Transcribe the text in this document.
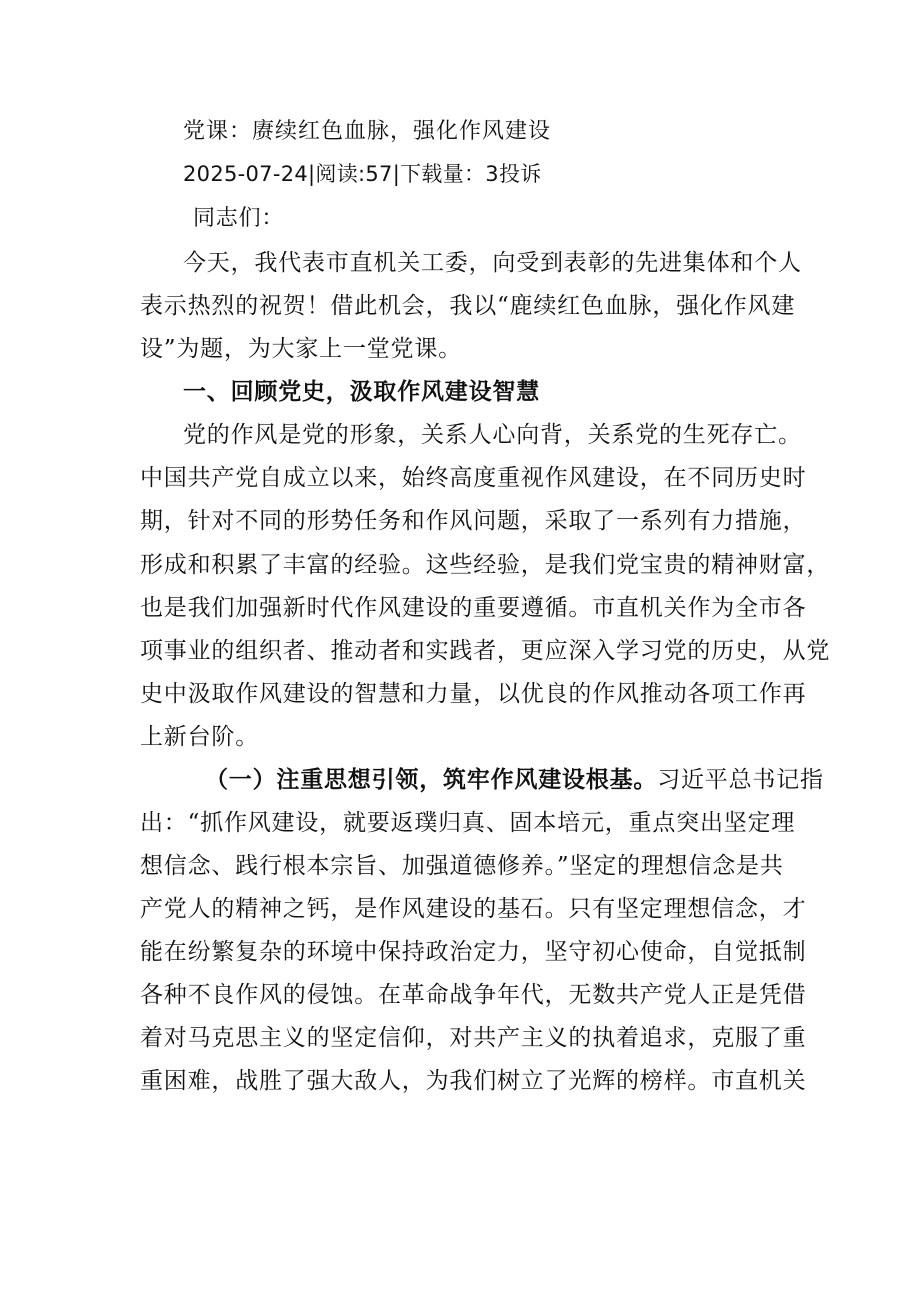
党课：赓续红色血脉，强化作风建设
2025-07-24|阅读:57|下载量：3投诉
同志们：
今天，我代表市直机关工委，向受到表彰的先进集体和个人
表示热烈的祝贺！借此机会，我以“鹿续红色血脉，强化作风建
设”为题，为大家上一堂党课。
一、回顾党史，汲取作风建设智慧
党的作风是党的形象，关系人心向背，关系党的生死存亡。
中国共产党自成立以来，始终高度重视作风建设，在不同历史时
期，针对不同的形势任务和作风问题，采取了一系列有力措施，
形成和积累了丰富的经验。这些经验，是我们党宝贵的精神财富，
也是我们加强新时代作风建设的重要遵循。市直机关作为全市各
项事业的组织者、推动者和实践者，更应深入学习党的历史，从党
史中汲取作风建设的智慧和力量，以优良的作风推动各项工作再
上新台阶。
（一）注重思想引领，筑牢作风建设根基。习近平总书记指
出：“抓作风建设，就要返璞归真、固本培元，重点突出坚定理
想信念、践行根本宗旨、加强道德修养。”坚定的理想信念是共
产党人的精神之钙，是作风建设的基石。只有坚定理想信念，才
能在纷繁复杂的环境中保持政治定力，坚守初心使命，自觉抵制
各种不良作风的侵蚀。在革命战争年代，无数共产党人正是凭借
着对马克思主义的坚定信仰，对共产主义的执着追求，克服了重
重困难，战胜了强大敌人，为我们树立了光辉的榜样。市直机关
